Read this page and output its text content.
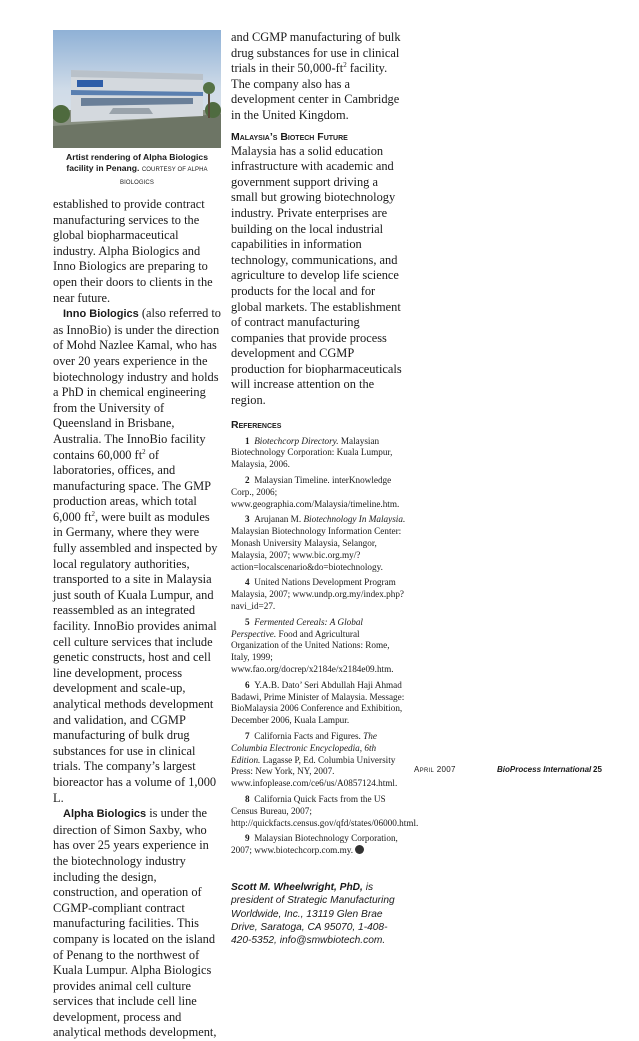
Artist rendering of Alpha Biologics facility in Penang. COURTESY OF ALPHA BIOLOGICS

established to provide contract manufacturing services to the global biopharmaceutical industry. Alpha Biologics and Inno Biologics are preparing to open their doors to clients in the near future.

Inno Biologics (also referred to as InnoBio) is under the direction of Mohd Nazlee Kamal, who has over 20 years experience in the biotechnology industry and holds a PhD in chemical engineering from the University of Queensland in Brisbane, Australia. The InnoBio facility contains 60,000 $ft^2$ of laboratories, offices, and manufacturing space. The GMP production areas, which total 6,000 $ft^2$, were built as modules in Germany, where they were fully assembled and inspected by local regulatory authorities, transported to a site in Malaysia just south of Kuala Lumpur, and reassembled as an integrated facility. InnoBio provides animal cell culture services that include genetic constructs, host and cell line development, process development and scale-up, analytical methods development and validation, and CGMP manufacturing of bulk drug substances for use in clinical trials. The company’s largest bioreactor has a volume of 1,000 L.

Alpha Biologics is under the direction of Simon Saxby, who has over 25 years experience in the biotechnology industry including the design, construction, and operation of CGMP-compliant contract manufacturing facilities. This company is located on the island of Penang to the northwest of Kuala Lumpur. Alpha Biologics provides animal cell culture services that include cell line development, process and analytical methods development,

and CGMP manufacturing of bulk drug substances for use in clinical trials in their $50,000-ft^2$ facility. The company also has a development center in Cambridge in the United Kingdom.

Malaysia’s Biotech Future

Malaysia has a solid education infrastructure with academic and government support driving a small but growing biotechnology industry. Private enterprises are building on the local industrial capabilities in information technology, communications, and agriculture to develop life science products for the local and for global markets. The establishment of contract manufacturing companies that provide process development and CGMP production for biopharmaceuticals will increase attention on the region.

References

1 Biotechcorp Directory. Malaysian Biotechnology Corporation: Kuala Lumpur, Malaysia, 2006.

2 Malaysian Timeline. interKnowledge Corp., 2006; www.geographia.com/Malaysia/timeline.htm.

3 Arujanan M. Biotechnology In Malaysia. Malaysian Biotechnology Information Center: Monash University Malaysia, Selangor, Malaysia, 2007; www.bic.org.my/?action=localscenario&do=biotechnology.

4 United Nations Development Program Malaysia, 2007; www.undp.org.my/index.php?navi_id=27.

5 Fermented Cereals: A Global Perspective. Food and Agricultural Organization of the United Nations: Rome, Italy, 1999; www.fao.org/docrep/x2184e/x2184e09.htm.

6 Y.A.B. Dato’ Seri Abdullah Haji Ahmad Badawi, Prime Minister of Malaysia. Message: BioMalaysia 2006 Conference and Exhibition, December 2006, Kuala Lampur.

7 California Facts and Figures. The Columbia Electronic Encyclopedia, 6th Edition. Lagasse P, Ed. Columbia University Press: New York, NY, 2007. www.infoplease.com/ce6/us/A0857124.html.

8 California Quick Facts from the US Census Bureau, 2007; http://quickfacts.census.gov/qfd/states/06000.html.

9 Malaysian Biotechnology Corporation, 2007; www.biotechcorp.com.my.

Scott M. Wheelwright, PhD, is president of Strategic Manufacturing Worldwide, Inc., 13119 Glen Brae Drive, Saratoga, CA 95070, 1-408-420-5352, info@smwbiotech.com.
April 2007	BioProcess International 25
